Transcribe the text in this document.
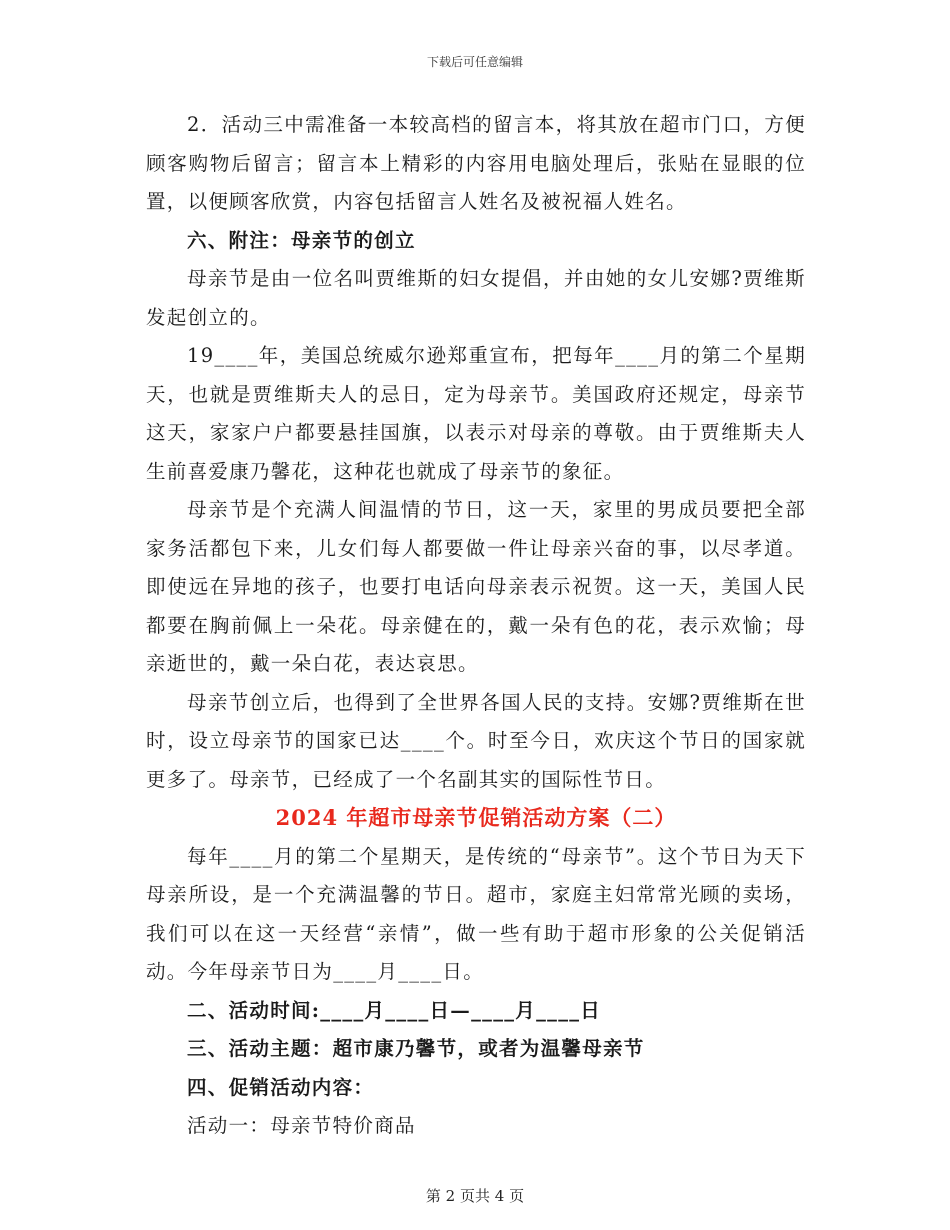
下载后可任意编辑

2．活动三中需准备一本较高档的留言本，将其放在超市门口，方便顾客购物后留言；留言本上精彩的内容用电脑处理后，张贴在显眼的位置，以便顾客欣赏，内容包括留言人姓名及被祝福人姓名。

六、附注：母亲节的创立

母亲节是由一位名叫贾维斯的妇女提倡，并由她的女儿安娜?贾维斯发起创立的。

19____年，美国总统威尔逊郑重宣布，把每年____月的第二个星期天，也就是贾维斯夫人的忌日，定为母亲节。美国政府还规定，母亲节这天，家家户户都要悬挂国旗，以表示对母亲的尊敬。由于贾维斯夫人生前喜爱康乃馨花，这种花也就成了母亲节的象征。

母亲节是个充满人间温情的节日，这一天，家里的男成员要把全部家务活都包下来，儿女们每人都要做一件让母亲兴奋的事，以尽孝道。即使远在异地的孩子，也要打电话向母亲表示祝贺。这一天，美国人民都要在胸前佩上一朵花。母亲健在的，戴一朵有色的花，表示欢愉；母亲逝世的，戴一朵白花，表达哀思。

母亲节创立后，也得到了全世界各国人民的支持。安娜?贾维斯在世时，设立母亲节的国家已达____个。时至今日，欢庆这个节日的国家就更多了。母亲节，已经成了一个名副其实的国际性节日。

2024 年超市母亲节促销活动方案（二）

每年____月的第二个星期天，是传统的“母亲节”。这个节日为天下母亲所设，是一个充满温馨的节日。超市，家庭主妇常常光顾的卖场，我们可以在这一天经营“亲情”，做一些有助于超市形象的公关促销活动。今年母亲节日为____月____日。

二、活动时间:____月____日—____月____日

三、活动主题：超市康乃馨节，或者为温馨母亲节

四、促销活动内容：

活动一：母亲节特价商品

第 2 页共 4 页
